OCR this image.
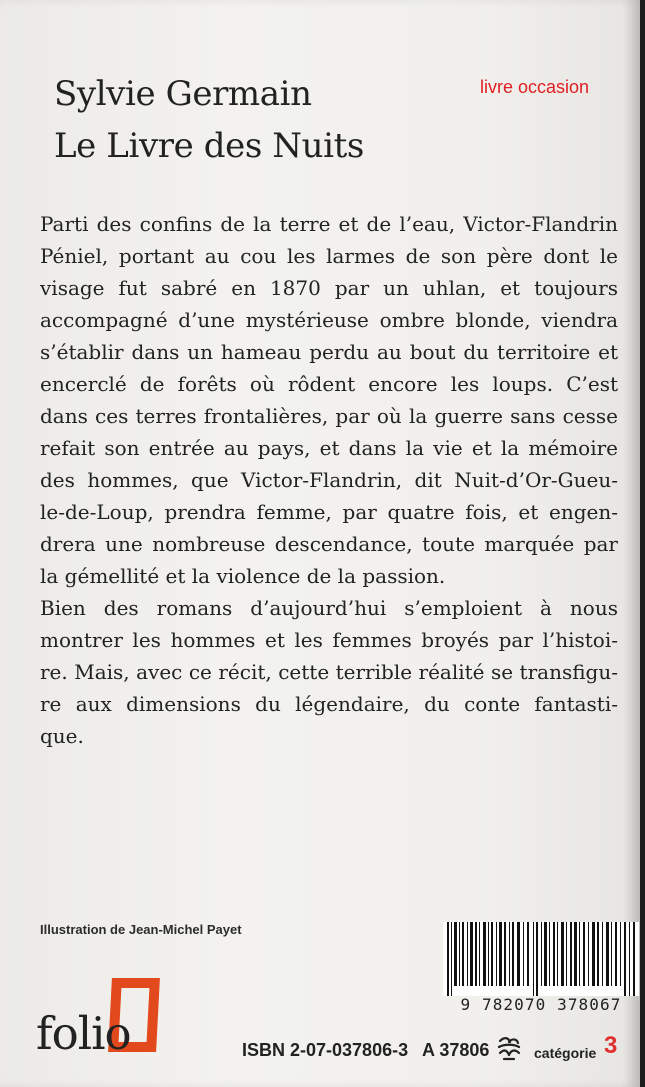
Sylvie Germain
Le Livre des Nuits
livre occasion
Parti des confins de la terre et de l’eau, Victor-Flandrin
Péniel, portant au cou les larmes de son père dont le
visage fut sabré en 1870 par un uhlan, et toujours
accompagné d’une mystérieuse ombre blonde, viendra
s’établir dans un hameau perdu au bout du territoire et
encerclé de forêts où rôdent encore les loups. C’est
dans ces terres frontalières, par où la guerre sans cesse
refait son entrée au pays, et dans la vie et la mémoire
des hommes, que Victor-Flandrin, dit Nuit-d’Or-Gueu-
le-de-Loup, prendra femme, par quatre fois, et engen-
drera une nombreuse descendance, toute marquée par
la gémellité et la violence de la passion.
Bien des romans d’aujourd’hui s’emploient à nous
montrer les hommes et les femmes broyés par l’histoi-
re. Mais, avec ce récit, cette terrible réalité se transfigu-
re aux dimensions du légendaire, du conte fantasti-
que.
Illustration de Jean-Michel Payet
folio
9 782070 378067
ISBN 2-07-037806-3 A 37806	catégorie 3
